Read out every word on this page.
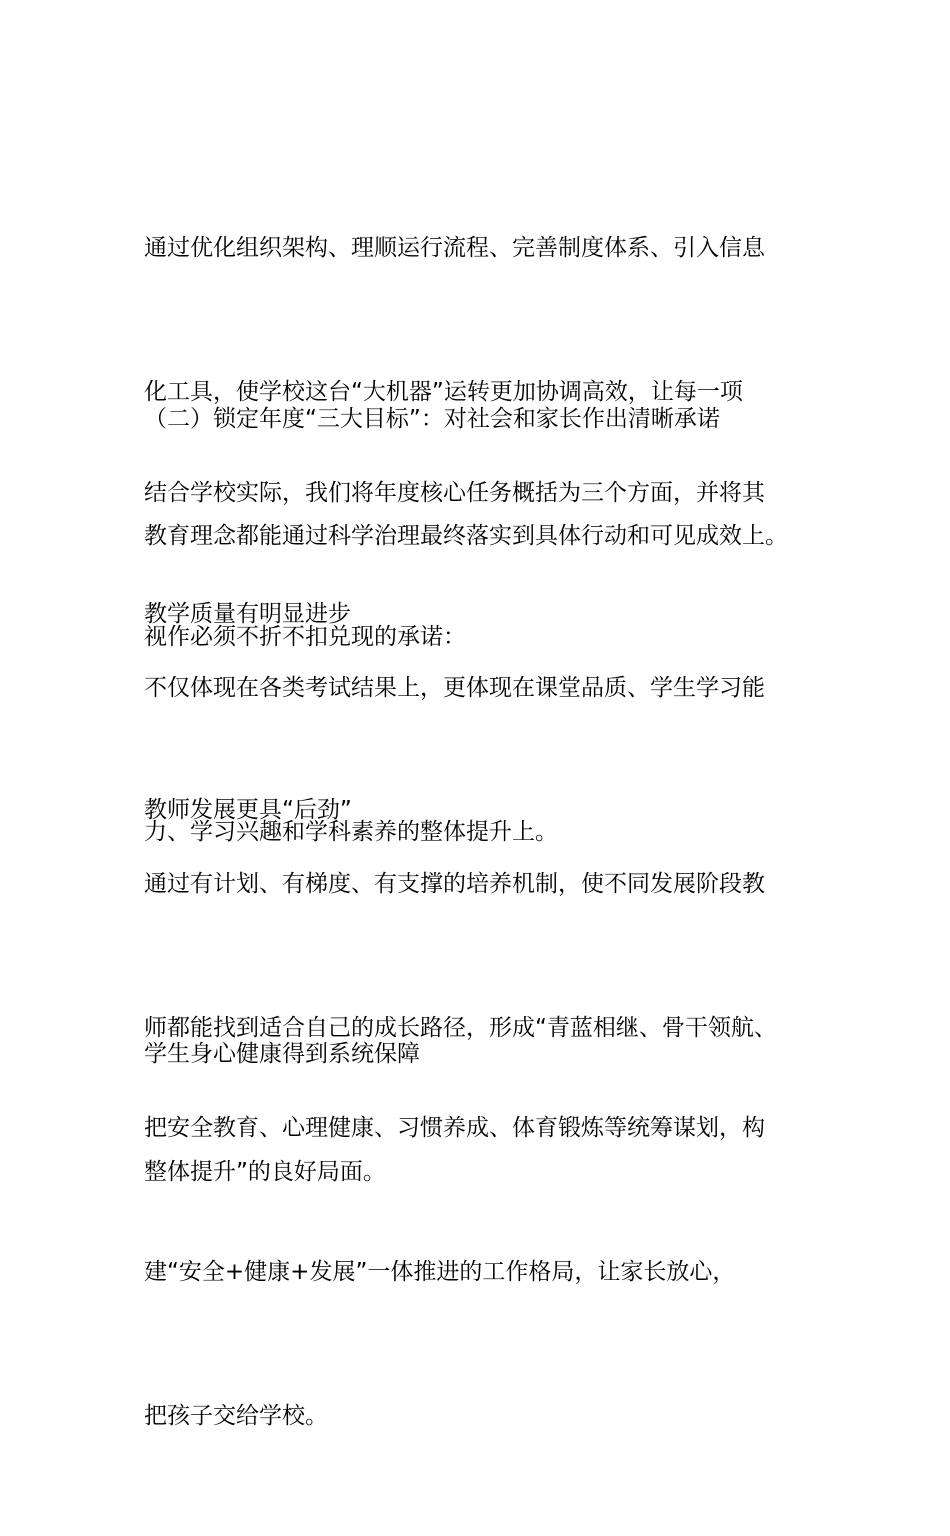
通过优化组织架构、理顺运行流程、完善制度体系、引入信息

化工具，使学校这台“大机器”运转更加协调高效，让每一项

教育理念都能通过科学治理最终落实到具体行动和可见成效上。

（二）锁定年度“三大目标”：对社会和家长作出清晰承诺

结合学校实际，我们将年度核心任务概括为三个方面，并将其

视作必须不折不扣兑现的承诺：

教学质量有明显进步

不仅体现在各类考试结果上，更体现在课堂品质、学生学习能

力、学习兴趣和学科素养的整体提升上。

教师发展更具“后劲”

通过有计划、有梯度、有支撑的培养机制，使不同发展阶段教

师都能找到适合自己的成长路径，形成“青蓝相继、骨干领航、

整体提升”的良好局面。

学生身心健康得到系统保障

把安全教育、心理健康、习惯养成、体育锻炼等统筹谋划，构

建“安全+健康+发展”一体推进的工作格局，让家长放心，

把孩子交给学校。
